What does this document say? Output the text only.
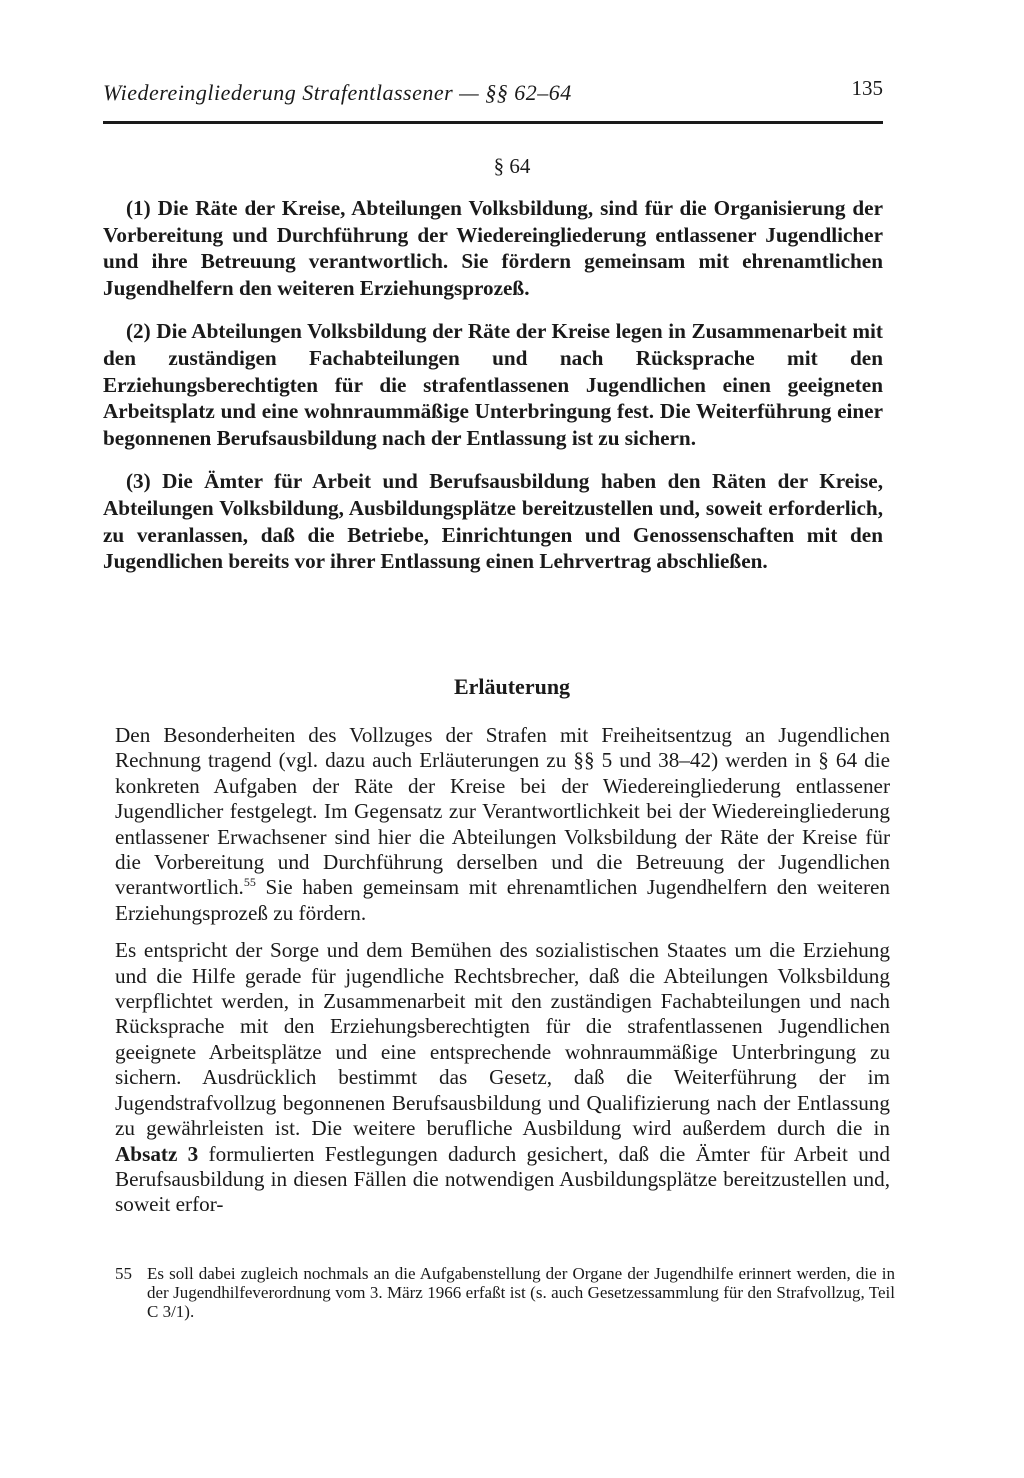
Wiedereingliederung Strafentlassener — §§ 62–64	135
§ 64

(1) Die Räte der Kreise, Abteilungen Volksbildung, sind für die Organisierung der Vorbereitung und Durchführung der Wiedereingliederung entlassener Jugendlicher und ihre Betreuung verantwortlich. Sie fördern gemeinsam mit ehrenamtlichen Jugendhelfern den weiteren Erziehungsprozeß.

(2) Die Abteilungen Volksbildung der Räte der Kreise legen in Zusammenarbeit mit den zuständigen Fachabteilungen und nach Rücksprache mit den Erziehungsberechtigten für die strafentlassenen Jugendlichen einen geeigneten Arbeitsplatz und eine wohnraummäßige Unterbringung fest. Die Weiterführung einer begonnenen Berufsausbildung nach der Entlassung ist zu sichern.

(3) Die Ämter für Arbeit und Berufsausbildung haben den Räten der Kreise, Abteilungen Volksbildung, Ausbildungsplätze bereitzustellen und, soweit erforderlich, zu veranlassen, daß die Betriebe, Einrichtungen und Genossenschaften mit den Jugendlichen bereits vor ihrer Entlassung einen Lehrvertrag abschließen.

Erläuterung

Den Besonderheiten des Vollzuges der Strafen mit Freiheitsentzug an Jugendlichen Rechnung tragend (vgl. dazu auch Erläuterungen zu §§ 5 und 38–42) werden in § 64 die konkreten Aufgaben der Räte der Kreise bei der Wiedereingliederung entlassener Jugendlicher festgelegt. Im Gegensatz zur Verantwortlichkeit bei der Wiedereingliederung entlassener Erwachsener sind hier die Abteilungen Volksbildung der Räte der Kreise für die Vorbereitung und Durchführung derselben und die Betreuung der Jugendlichen verantwortlich.$^{55}$ Sie haben gemeinsam mit ehrenamtlichen Jugendhelfern den weiteren Erziehungsprozeß zu fördern.

Es entspricht der Sorge und dem Bemühen des sozialistischen Staates um die Erziehung und die Hilfe gerade für jugendliche Rechtsbrecher, daß die Abteilungen Volksbildung verpflichtet werden, in Zusammenarbeit mit den zuständigen Fachabteilungen und nach Rücksprache mit den Erziehungsberechtigten für die strafentlassenen Jugendlichen geeignete Arbeitsplätze und eine entsprechende wohnraummäßige Unterbringung zu sichern. Ausdrücklich bestimmt das Gesetz, daß die Weiterführung der im Jugendstrafvollzug begonnenen Berufsausbildung und Qualifizierung nach der Entlassung zu gewährleisten ist. Die weitere berufliche Ausbildung wird außerdem durch die in Absatz 3 formulierten Festlegungen dadurch gesichert, daß die Ämter für Arbeit und Berufsausbildung in diesen Fällen die notwendigen Ausbildungsplätze bereitzustellen und, soweit erfor-

55 Es soll dabei zugleich nochmals an die Aufgabenstellung der Organe der Jugendhilfe erinnert werden, die in der Jugendhilfeverordnung vom 3. März 1966 erfaßt ist (s. auch Gesetzessammlung für den Strafvollzug, Teil C 3/1).
